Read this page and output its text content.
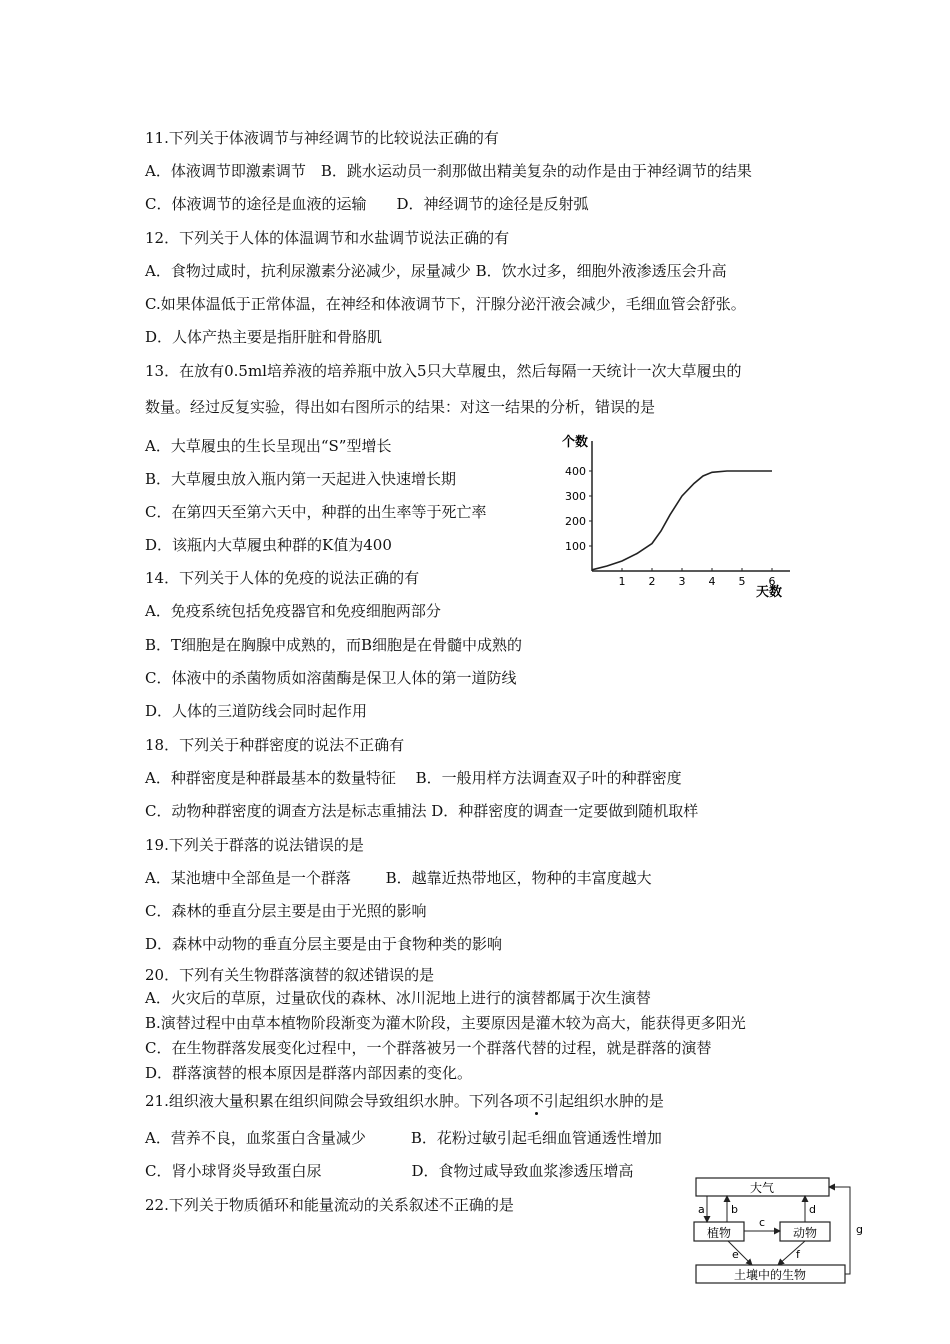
11.下列关于体液调节与神经调节的比较说法正确的有
A．体液调节即激素调节　B．跳水运动员一刹那做出精美复杂的动作是由于神经调节的结果
C．体液调节的途径是血液的运输　　D．神经调节的途径是反射弧
12．下列关于人体的体温调节和水盐调节说法正确的有
A．食物过咸时，抗利尿激素分泌减少，尿量减少 B．饮水过多，细胞外液渗透压会升高
C.如果体温低于正常体温，在神经和体液调节下，汗腺分泌汗液会减少，毛细血管会舒张。
D．人体产热主要是指肝脏和骨胳肌
13．在放有0.5ml培养液的培养瓶中放入5只大草履虫，然后每隔一天统计一次大草履虫的
数量。经过反复实验，得出如右图所示的结果：对这一结果的分析，错误的是
A．大草履虫的生长呈现出“S”型增长
B．大草履虫放入瓶内第一天起进入快速增长期
C．在第四天至第六天中，种群的出生率等于死亡率
D．该瓶内大草履虫种群的K值为400
14．下列关于人体的免疫的说法正确的有
A．免疫系统包括免疫器官和免疫细胞两部分
B．T细胞是在胸腺中成熟的，而B细胞是在骨髓中成熟的
C．体液中的杀菌物质如溶菌酶是保卫人体的第一道防线
D．人体的三道防线会同时起作用
18．下列关于种群密度的说法不正确有
A．种群密度是种群最基本的数量特征　 B．一般用样方法调查双子叶的种群密度
C．动物种群密度的调查方法是标志重捕法 D．种群密度的调查一定要做到随机取样
19.下列关于群落的说法错误的是
A．某池塘中全部鱼是一个群落　　 B．越靠近热带地区，物种的丰富度越大
C．森林的垂直分层主要是由于光照的影响
D．森林中动物的垂直分层主要是由于食物种类的影响
20．下列有关生物群落演替的叙述错误的是
A．火灾后的草原，过量砍伐的森林、冰川泥地上进行的演替都属于次生演替
B.演替过程中由草本植物阶段渐变为灌木阶段，主要原因是灌木较为高大，能获得更多阳光
C．在生物群落发展变化过程中，一个群落被另一个群落代替的过程，就是群落的演替
D．群落演替的根本原因是群落内部因素的变化。
21.组织液大量积累在组织间隙会导致组织水肿。下列各项不引起组织水肿的是
A．营养不良，血浆蛋白含量减少　　　B．花粉过敏引起毛细血管通透性增加
C．肾小球肾炎导致蛋白尿　　　　　　D．食物过咸导致血浆渗透压增高
22.下列关于物质循环和能量流动的关系叙述不正确的是
个数
天数
100
200
300
400
1 2 3 4 5 6
大气
植物	动物
土壤中的生物
a b
c
d
e	f
g
